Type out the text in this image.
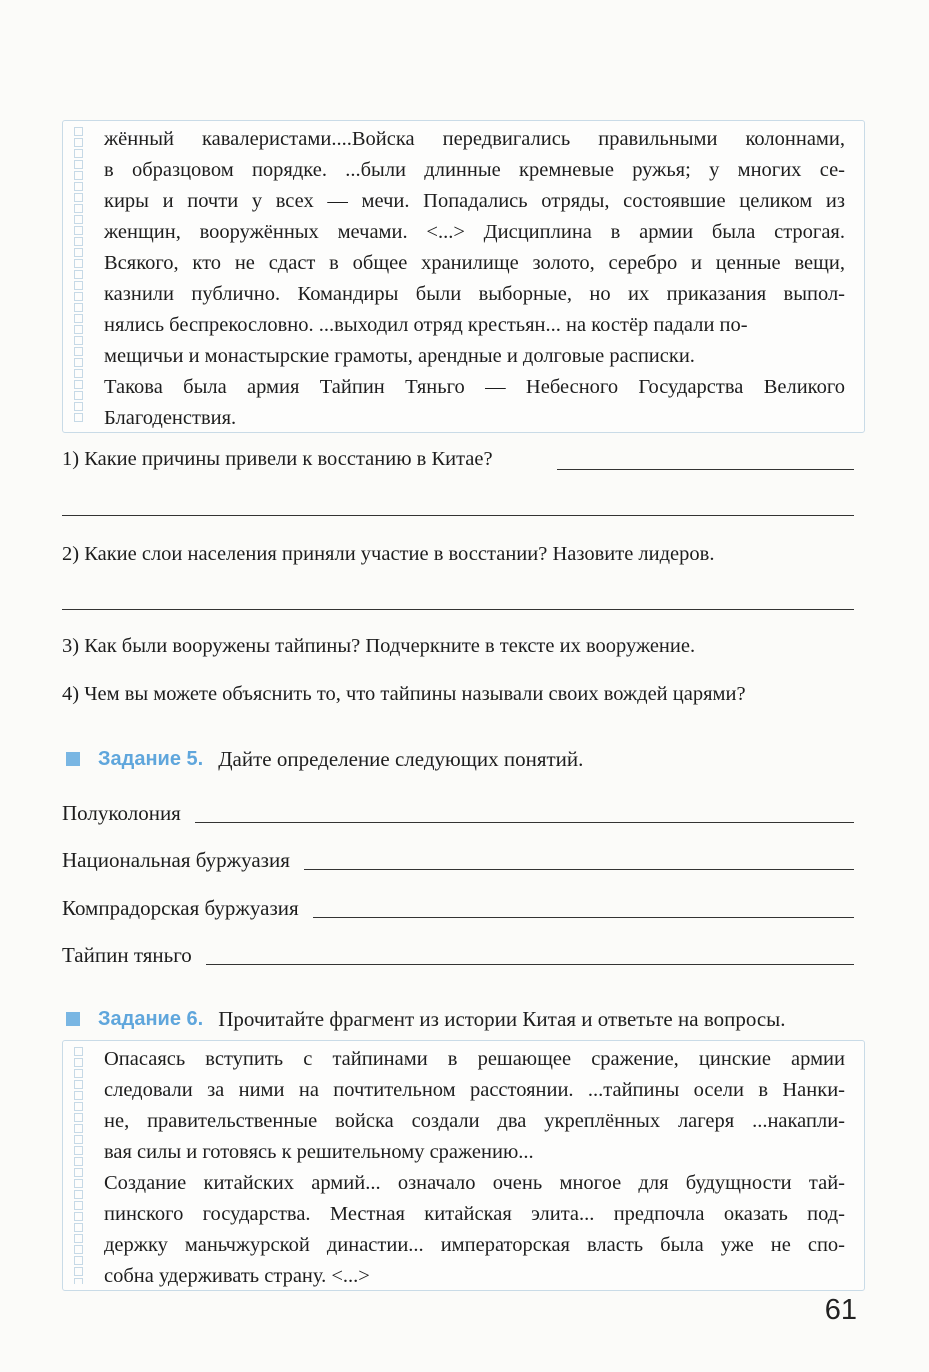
жённый кавалеристами....Войска передвигались правильными колоннами,

в образцовом порядке. ...были длинные кремневые ружья; у многих се-

киры и почти у всех — мечи. Попадались отряды, состоявшие целиком из

женщин, вооружённых мечами. <...> Дисциплина в армии была строгая.

Всякого, кто не сдаст в общее хранилище золото, серебро и ценные вещи,

казнили публично. Командиры были выборные, но их приказания выпол-

нялись беспрекословно. ...выходил отряд крестьян... на костёр падали по-

мещичьи и монастырские грамоты, арендные и долговые расписки.

Такова была армия Тайпин Тяньго — Небесного Государства Великого

Благоденствия.

1) Какие причины привели к восстанию в Китае?
2) Какие слои населения приняли участие в восстании? Назовите лидеров.
3) Как были вооружены тайпины? Подчеркните в тексте их вооружение.
4) Чем вы можете объяснить то, что тайпины называли своих вождей царями?
Задание 5. Дайте определение следующих понятий.
Полуколония
Национальная буржуазия
Компрадорская буржуазия
Тайпин тяньго
Задание 6. Прочитайте фрагмент из истории Китая и ответьте на вопросы.

Опасаясь вступить с тайпинами в решающее сражение, цинские армии

следовали за ними на почтительном расстоянии. ...тайпины осели в Нанки-

не, правительственные войска создали два укреплённых лагеря ...накапли-

вая силы и готовясь к решительному сражению...

Создание китайских армий... означало очень многое для будущности тай-

пинского государства. Местная китайская элита... предпочла оказать под-

держку маньчжурской династии... императорская власть была уже не спо-

собна удерживать страну. <...>

61
